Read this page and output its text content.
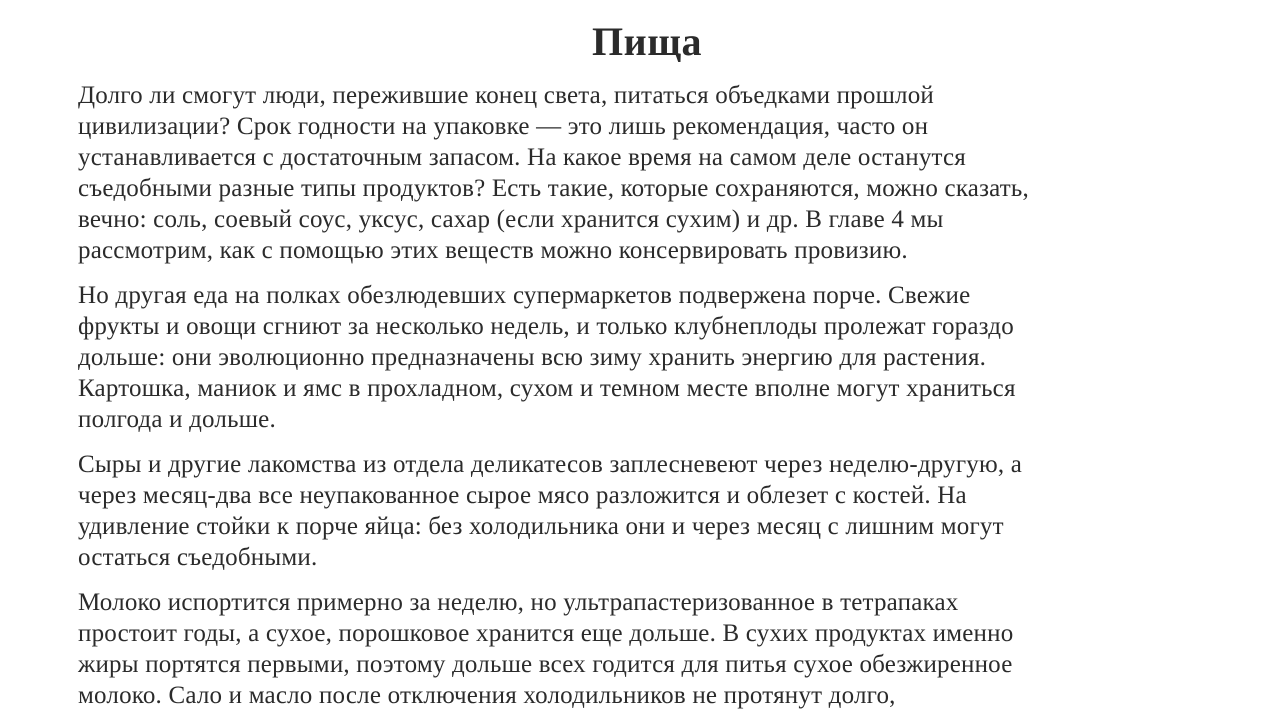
Пища

Долго ли смогут люди, пережившие конец света, питаться объедками прошлой
цивилизации? Срок годности на упаковке — это лишь рекомендация, часто он
устанавливается с достаточным запасом. На какое время на самом деле останутся
съедобными разные типы продуктов? Есть такие, которые сохраняются, можно сказать,
вечно: соль, соевый соус, уксус, сахар (если хранится сухим) и др. В главе 4 мы
рассмотрим, как с помощью этих веществ можно консервировать провизию.

Но другая еда на полках обезлюдевших супермаркетов подвержена порче. Свежие
фрукты и овощи сгниют за несколько недель, и только клубнеплоды пролежат гораздо
дольше: они эволюционно предназначены всю зиму хранить энергию для растения.
Картошка, маниок и ямс в прохладном, сухом и темном месте вполне могут храниться
полгода и дольше.

Сыры и другие лакомства из отдела деликатесов заплесневеют через неделю-другую, а
через месяц-два все неупакованное сырое мясо разложится и облезет с костей. На
удивление стойки к порче яйца: без холодильника они и через месяц с лишним могут
остаться съедобными.

Молоко испортится примерно за неделю, но ультрапастеризованное в тетрапаках
простоит годы, а сухое, порошковое хранится еще дольше. В сухих продуктах именно
жиры портятся первыми, поэтому дольше всех годится для питья сухое обезжиренное
молоко. Сало и масло после отключения холодильников не протянут долго,
